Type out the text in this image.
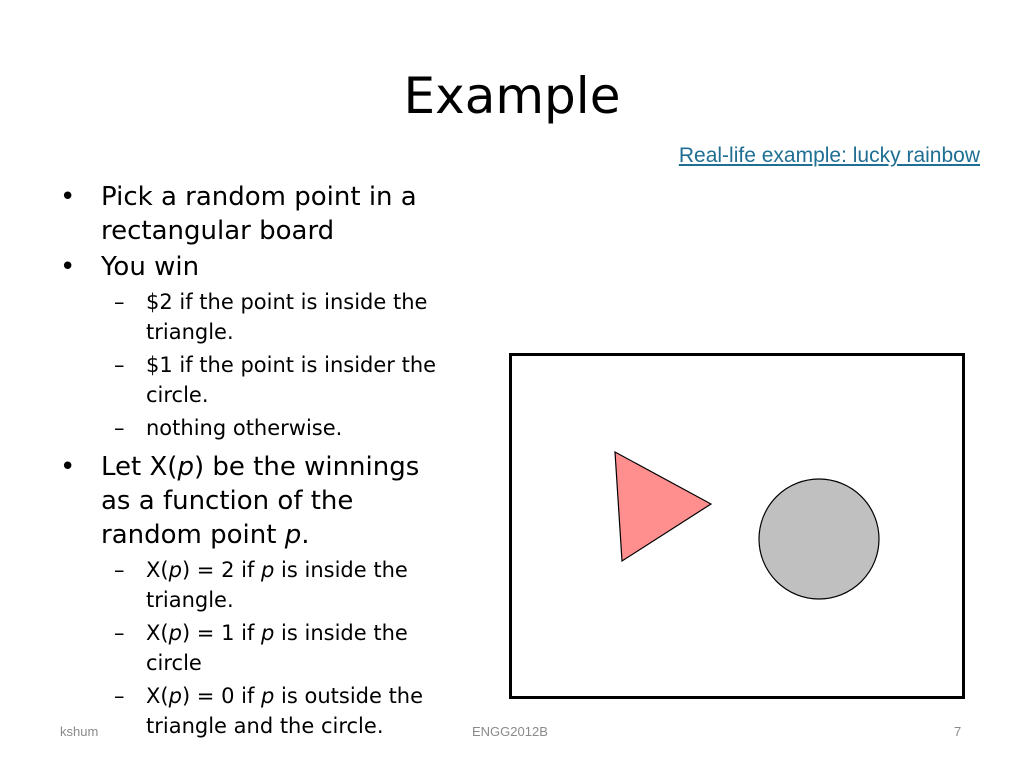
Example
Real-life example: lucky rainbow
• Pick a random point in a rectangular board
• You win
– $2 if the point is inside the triangle.
– $1 if the point is insider the circle.
– nothing otherwise.
• Let X(p) be the winnings
as a function of the
random point p.
– X(p) = 2 if p is inside the
triangle.
– X(p) = 1 if p is inside the
circle
– X(p) = 0 if p is outside the
triangle and the circle.
kshum	ENGG2012B	7
